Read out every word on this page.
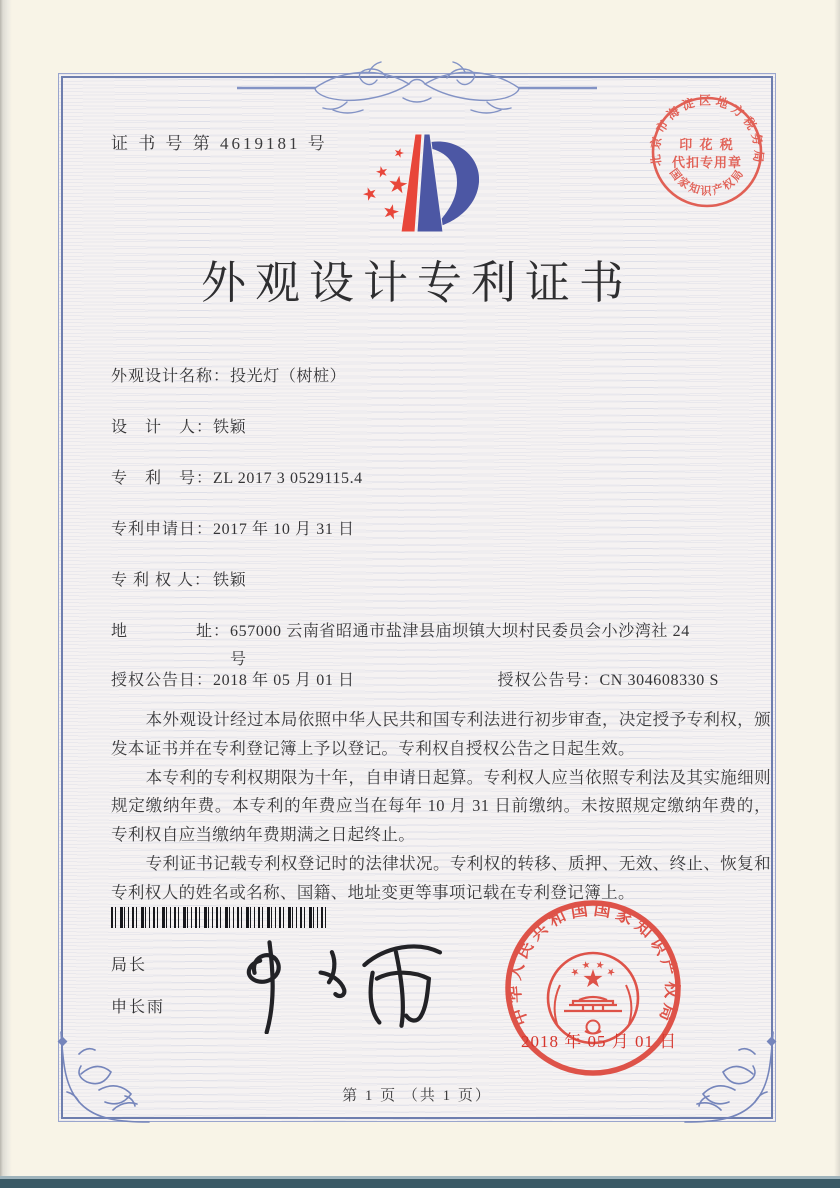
证 书 号 第 4619181 号
北京市海淀区地方税务局
国家知识产权局
印 花 税
代扣专用章
外观设计专利证书
外观设计名称： 投光灯（树桩）
设　计　人： 铁颖
专　利　号： ZL 2017 3 0529115.4
专利申请日： 2017 年 10 月 31 日
专 利 权 人： 铁颖
地　　　　址： 657000 云南省昭通市盐津县庙坝镇大坝村民委员会小沙湾社 24 号
授权公告日： 2018 年 05 月 01 日	授权公告号： CN 304608330 S

本外观设计经过本局依照中华人民共和国专利法进行初步审查，决定授予专利权，颁发本证书并在专利登记簿上予以登记。专利权自授权公告之日起生效。

本专利的专利权期限为十年，自申请日起算。专利权人应当依照专利法及其实施细则规定缴纳年费。本专利的年费应当在每年 10 月 31 日前缴纳。未按照规定缴纳年费的，专利权自应当缴纳年费期满之日起终止。

专利证书记载专利权登记时的法律状况。专利权的转移、质押、无效、终止、恢复和专利权人的姓名或名称、国籍、地址变更等事项记载在专利登记簿上。

局长
申长雨	中华人民共和国国家知识产权局
2018 年 05 月 01 日
第 1 页 （共 1 页）
